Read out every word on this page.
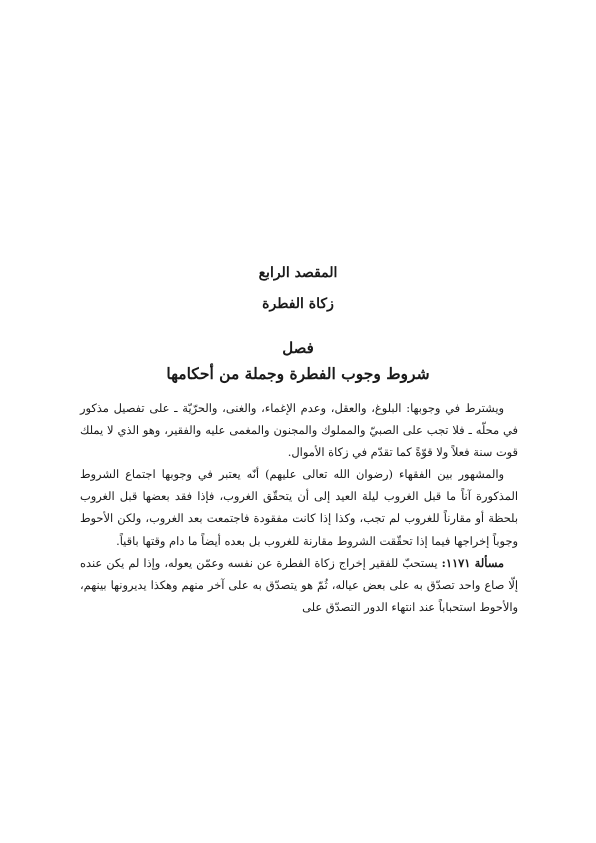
المقصد الرابع
زكاة الفطرة
فصل
شروط وجوب الفطرة وجملة من أحكامها

ويشترط في وجوبها: البلوغ، والعقل، وعدم الإغماء، والغنى، والحرّيّة ـ على تفصيل مذكور في محلّه ـ فلا تجب على الصبيّ والمملوك والمجنون والمغمى عليه والفقير، وهو الذي لا يملك قوت سنة فعلاً ولا قوّةً كما تقدّم في زكاة الأموال.

والمشهور بين الفقهاء (رضوان الله تعالى عليهم) أنّه يعتبر في وجوبها اجتماع الشروط المذكورة آناً ما قبل الغروب ليلة العيد إلى أن يتحقّق الغروب، فإذا فقد بعضها قبل الغروب بلحظة أو مقارناً للغروب لم تجب، وكذا إذا كانت مفقودة فاجتمعت بعد الغروب، ولكن الأحوط وجوباً إخراجها فيما إذا تحقّقت الشروط مقارنة للغروب بل بعده أيضاً ما دام وقتها باقياً.

مسألة ١١٧١: يستحبّ للفقير إخراج زكاة الفطرة عن نفسه وعمّن يعوله، وإذا لم يكن عنده إلّا صاع واحد تصدّق به على بعض عياله، ثُمّ هو يتصدّق به على آخر منهم وهكذا يديرونها بينهم، والأحوط استحباباً عند انتهاء الدور التصدّق على
